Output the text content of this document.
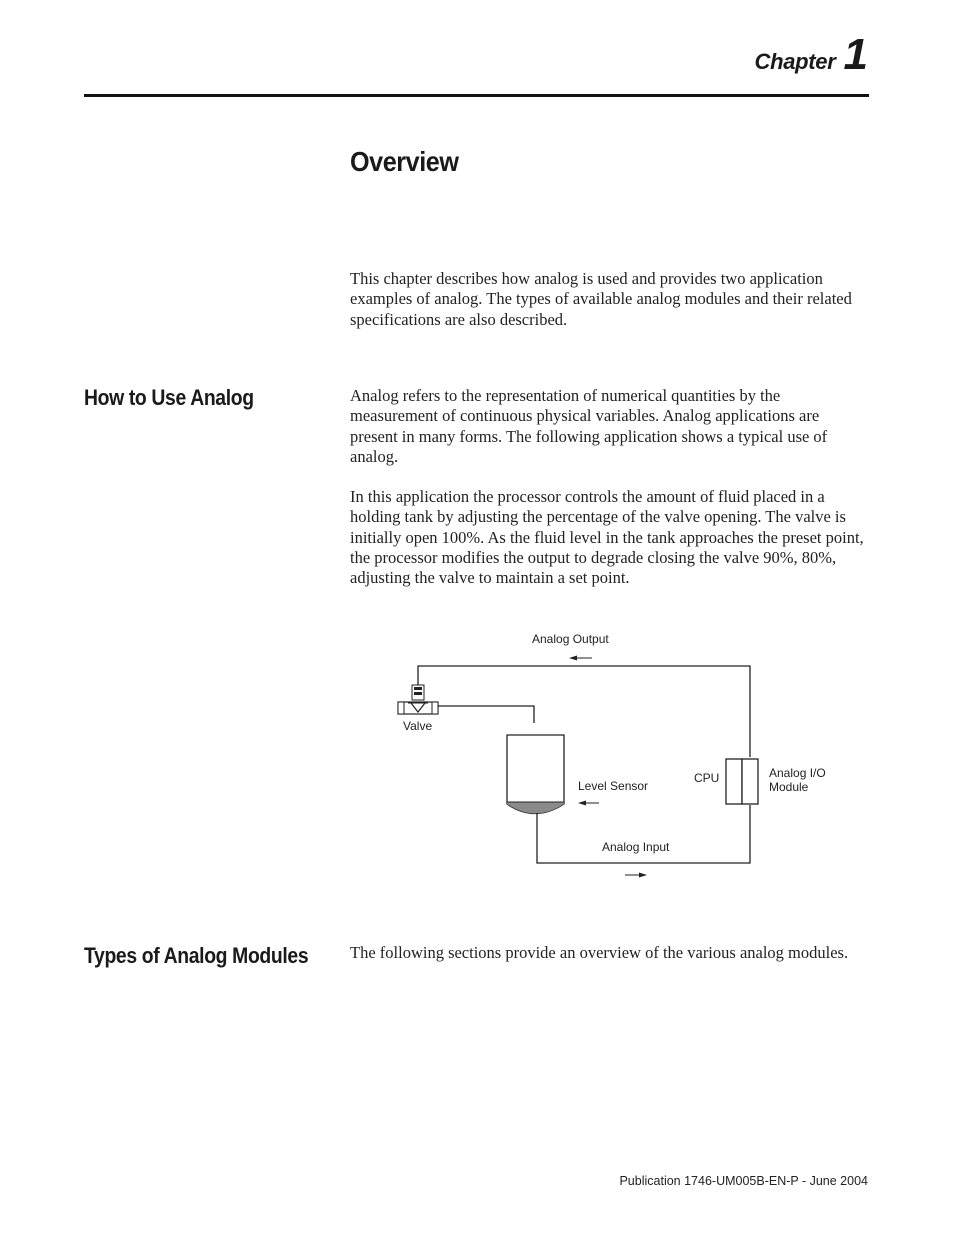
Chapter 1
Overview

This chapter describes how analog is used and provides two application examples of analog. The types of available analog modules and their related specifications are also described.

How to Use Analog	Analog refers to the representation of numerical quantities by the measurement of continuous physical variables. Analog applications are present in many forms. The following application shows a typical use of analog.

In this application the processor controls the amount of fluid placed in a holding tank by adjusting the percentage of the valve opening. The valve is initially open 100%. As the fluid level in the tank approaches the preset point, the processor modifies the output to degrade closing the valve 90%, 80%, adjusting the valve to maintain a set point.

Analog Output
Valve
Level Sensor
Analog Input
CPU	Analog I/O
Module
Types of Analog Modules	The following sections provide an overview of the various analog modules.

Publication 1746-UM005B-EN-P - June 2004
